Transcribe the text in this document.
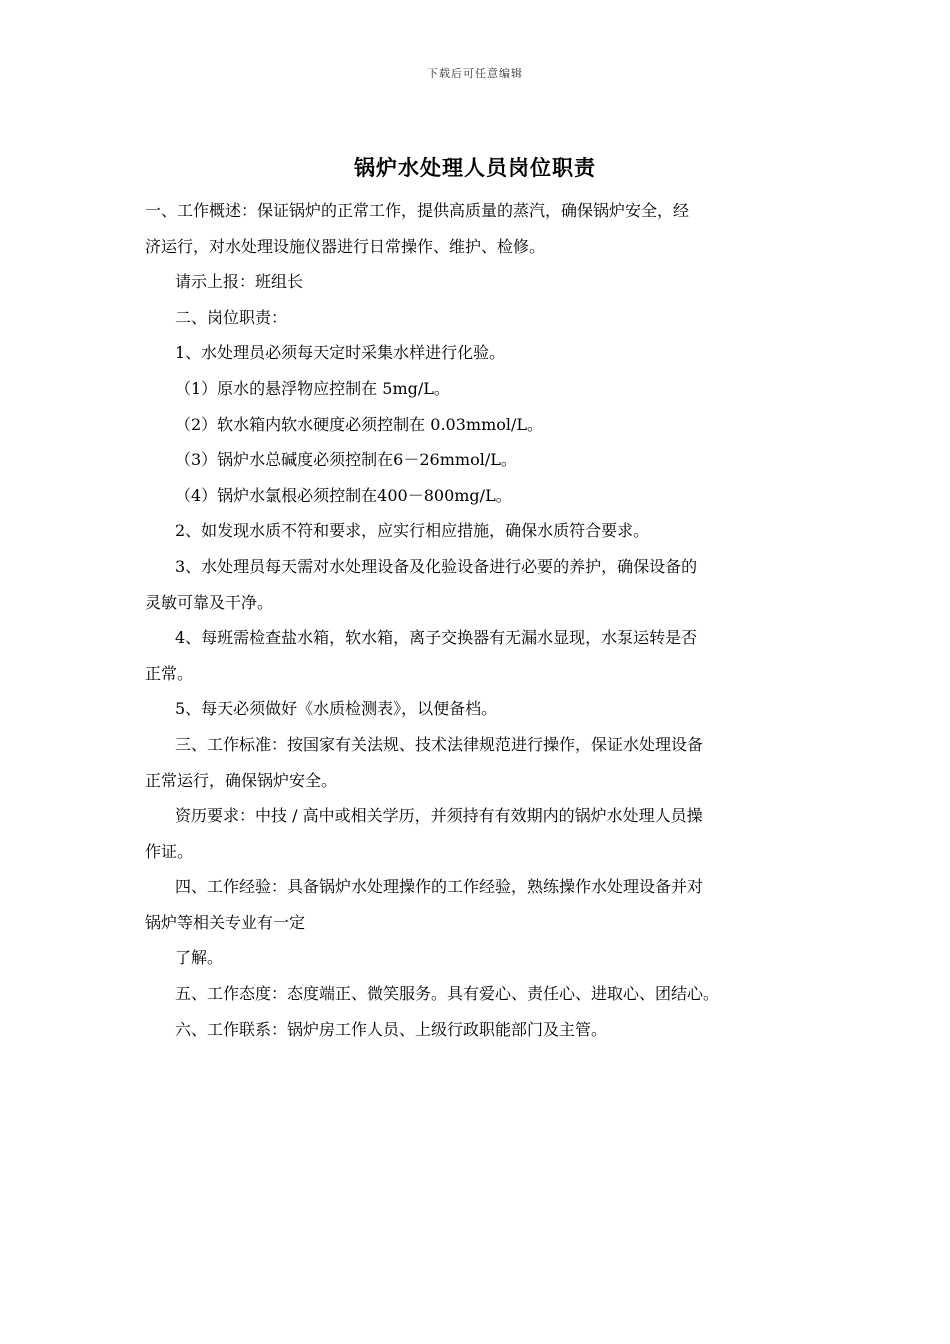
下载后可任意编辑
锅炉水处理人员岗位职责
一、工作概述：保证锅炉的正常工作，提供高质量的蒸汽，确保锅炉安全，经
济运行，对水处理设施仪器进行日常操作、维护、检修。
请示上报：班组长
二、岗位职责：
1、水处理员必须每天定时采集水样进行化验。
（1）原水的悬浮物应控制在 5mg/L。
（2）软水箱内软水硬度必须控制在 0.03mmol/L。
（3）锅炉水总碱度必须控制在6－26mmol/L。
（4）锅炉水氯根必须控制在400－800mg/L。
2、如发现水质不符和要求，应实行相应措施，确保水质符合要求。
3、水处理员每天需对水处理设备及化验设备进行必要的养护，确保设备的
灵敏可靠及干净。
4、每班需检查盐水箱，软水箱，离子交换器有无漏水显现，水泵运转是否
正常。
5、每天必须做好《水质检测表》，以便备档。
三、工作标准：按国家有关法规、技术法律规范进行操作，保证水处理设备
正常运行，确保锅炉安全。
资历要求：中技 / 高中或相关学历，并须持有有效期内的锅炉水处理人员操
作证。
四、工作经验：具备锅炉水处理操作的工作经验，熟练操作水处理设备并对
锅炉等相关专业有一定
了解。
五、工作态度：态度端正、微笑服务。具有爱心、责任心、进取心、团结心。
六、工作联系：锅炉房工作人员、上级行政职能部门及主管。
